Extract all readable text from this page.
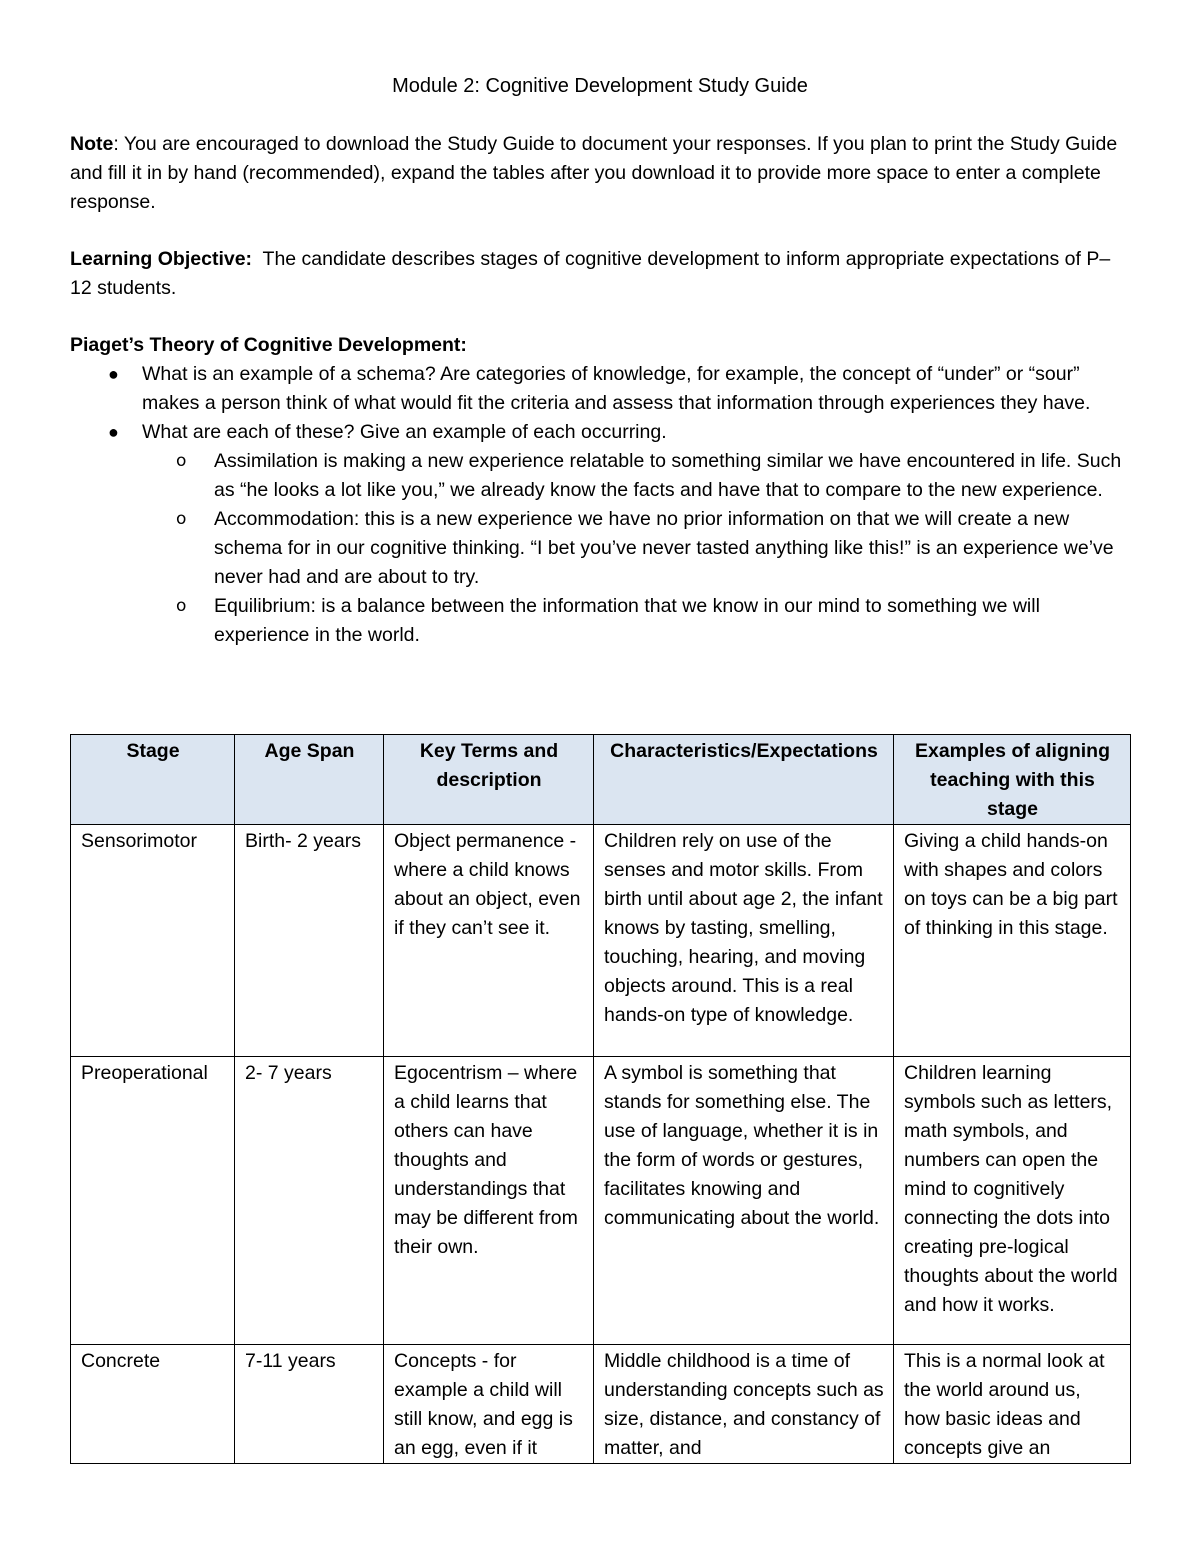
Module 2: Cognitive Development Study Guide
Note: You are encouraged to download the Study Guide to document your responses. If you plan to print the Study Guide and fill it in by hand (recommended), expand the tables after you download it to provide more space to enter a complete response.
Learning Objective:  The candidate describes stages of cognitive development to inform appropriate expectations of P–12 students.
Piaget’s Theory of Cognitive Development:
● What is an example of a schema? Are categories of knowledge, for example, the concept of “under” or “sour” makes a person think of what would fit the criteria and assess that information through experiences they have.
● What are each of these? Give an example of each occurring.
o Assimilation is making a new experience relatable to something similar we have encountered in life. Such as “he looks a lot like you,” we already know the facts and have that to compare to the new experience.
o Accommodation: this is a new experience we have no prior information on that we will create a new schema for in our cognitive thinking. “I bet you’ve never tasted anything like this!” is an experience we’ve never had and are about to try.
o Equilibrium: is a balance between the information that we know in our mind to something we will experience in the world.
Stage	Age Span	Key Terms and description	Characteristics/Expectations	Examples of aligning teaching with this stage
Sensorimotor	Birth- 2 years	Object permanence - where a child knows about an object, even if they can’t see it.	Children rely on use of the senses and motor skills. From birth until about age 2, the infant knows by tasting, smelling, touching, hearing, and moving objects around. This is a real hands-on type of knowledge.	Giving a child hands-on with shapes and colors on toys can be a big part of thinking in this stage.
Preoperational	2- 7 years	Egocentrism – where a child learns that others can have thoughts and understandings that may be different from their own.	A symbol is something that stands for something else. The use of language, whether it is in the form of words or gestures, facilitates knowing and communicating about the world.	Children learning symbols such as letters, math symbols, and numbers can open the mind to cognitively connecting the dots into creating pre-logical thoughts about the world and how it works.
Concrete	7-11 years	Concepts - for example a child will still know, and egg is an egg, even if it	Middle childhood is a time of understanding concepts such as size, distance, and constancy of matter, and	This is a normal look at the world around us, how basic ideas and concepts give an
